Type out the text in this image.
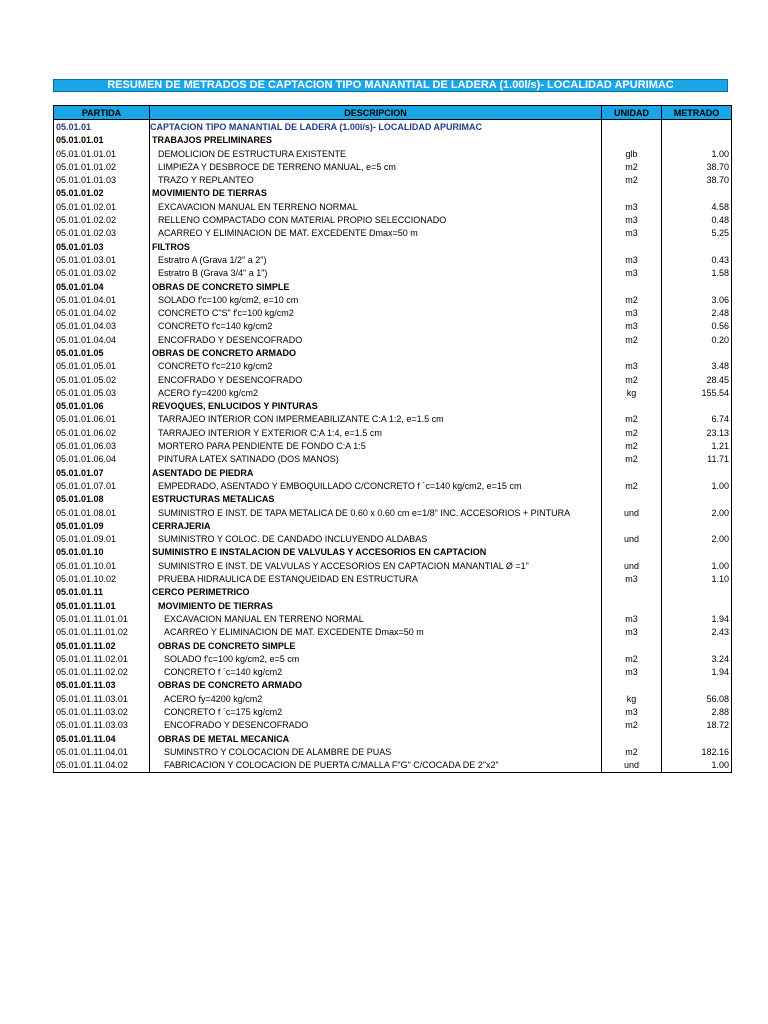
RESUMEN DE METRADOS DE CAPTACION TIPO MANANTIAL DE LADERA (1.00l/s)- LOCALIDAD APURIMAC
PARTIDA	DESCRIPCION	UNIDAD	METRADO
05.01.01	CAPTACION TIPO MANANTIAL DE LADERA (1.00l/s)- LOCALIDAD APURIMAC		
05.01.01.01	TRABAJOS PRELIMINARES		
05.01.01.01.01	DEMOLICION DE ESTRUCTURA EXISTENTE	glb	1.00
05.01.01.01.02	LIMPIEZA Y DESBROCE DE TERRENO MANUAL, e=5 cm	m2	38.70
05.01.01.01.03	TRAZO Y REPLANTEO	m2	38.70
05.01.01.02	MOVIMIENTO DE TIERRAS		
05.01.01.02.01	EXCAVACION MANUAL EN TERRENO NORMAL	m3	4.58
05.01.01.02.02	RELLENO COMPACTADO CON MATERIAL PROPIO SELECCIONADO	m3	0.48
05.01.01.02.03	ACARREO Y ELIMINACION DE MAT. EXCEDENTE Dmax=50 m	m3	5.25
05.01.01.03	FILTROS		
05.01.01.03.01	Estratro A (Grava 1/2" a 2")	m3	0.43
05.01.01.03.02	Estratro B (Grava 3/4" a 1")	m3	1.58
05.01.01.04	OBRAS DE CONCRETO SIMPLE		
05.01.01.04.01	SOLADO f'c=100 kg/cm2, e=10 cm	m2	3.06
05.01.01.04.02	CONCRETO C"S" f'c=100 kg/cm2	m3	2.48
05.01.01.04.03	CONCRETO f'c=140 kg/cm2	m3	0.56
05.01.01.04.04	ENCOFRADO Y DESENCOFRADO	m2	0.20
05.01.01.05	OBRAS DE CONCRETO ARMADO		
05.01.01.05.01	CONCRETO f'c=210 kg/cm2	m3	3.48
05.01.01.05.02	ENCOFRADO Y DESENCOFRADO	m2	28.45
05.01.01.05.03	ACERO f'y=4200 kg/cm2	kg	155.54
05.01.01.06	REVOQUES, ENLUCIDOS Y PINTURAS		
05.01.01.06.01	TARRAJEO INTERIOR CON IMPERMEABILIZANTE C:A 1:2, e=1.5 cm	m2	6.74
05.01.01.06.02	TARRAJEO INTERIOR Y EXTERIOR C:A 1:4, e=1.5 cm	m2	23.13
05.01.01.06.03	MORTERO PARA PENDIENTE DE FONDO C:A 1:5	m2	1.21
05.01.01.06.04	PINTURA LATEX SATINADO (DOS MANOS)	m2	11.71
05.01.01.07	ASENTADO DE PIEDRA		
05.01.01.07.01	EMPEDRADO, ASENTADO Y EMBOQUILLADO C/CONCRETO f ´c=140 kg/cm2, e=15 cm	m2	1.00
05.01.01.08	ESTRUCTURAS METALICAS		
05.01.01.08.01	SUMINISTRO E INST. DE TAPA METALICA DE 0.60 x 0.60 cm e=1/8" INC. ACCESORIOS + PINTURA	und	2.00
05.01.01.09	CERRAJERIA		
05.01.01.09.01	SUMINISTRO Y COLOC. DE CANDADO INCLUYENDO ALDABAS	und	2.00
05.01.01.10	SUMINISTRO E INSTALACION DE VALVULAS Y ACCESORIOS EN CAPTACION		
05.01.01.10.01	SUMINISTRO E INST. DE VALVULAS Y ACCESORIOS EN CAPTACION MANANTIAL Ø =1"	und	1.00
05.01.01.10.02	PRUEBA HIDRAULICA DE ESTANQUEIDAD EN ESTRUCTURA	m3	1.10
05.01.01.11	CERCO PERIMETRICO		
05.01.01.11.01	MOVIMIENTO DE TIERRAS		
05.01.01.11.01.01	EXCAVACION MANUAL EN TERRENO NORMAL	m3	1.94
05.01.01.11.01.02	ACARREO Y ELIMINACION DE MAT. EXCEDENTE Dmax=50 m	m3	2.43
05.01.01.11.02	OBRAS DE CONCRETO SIMPLE		
05.01.01.11.02.01	SOLADO f'c=100 kg/cm2, e=5 cm	m2	3.24
05.01.01.11.02.02	CONCRETO f ´c=140 kg/cm2	m3	1.94
05.01.01.11.03	OBRAS DE CONCRETO ARMADO		
05.01.01.11.03.01	ACERO fy=4200 kg/cm2	kg	56.08
05.01.01.11.03.02	CONCRETO f ´c=175 kg/cm2	m3	2.88
05.01.01.11.03.03	ENCOFRADO Y DESENCOFRADO	m2	18.72
05.01.01.11.04	OBRAS DE METAL MECANICA		
05.01.01.11.04.01	SUMINSTRO Y COLOCACION DE ALAMBRE DE PUAS	m2	182.16
05.01.01.11.04.02	FABRICACION Y COLOCACION DE PUERTA C/MALLA F"G" C/COCADA DE 2"x2"	und	1.00
